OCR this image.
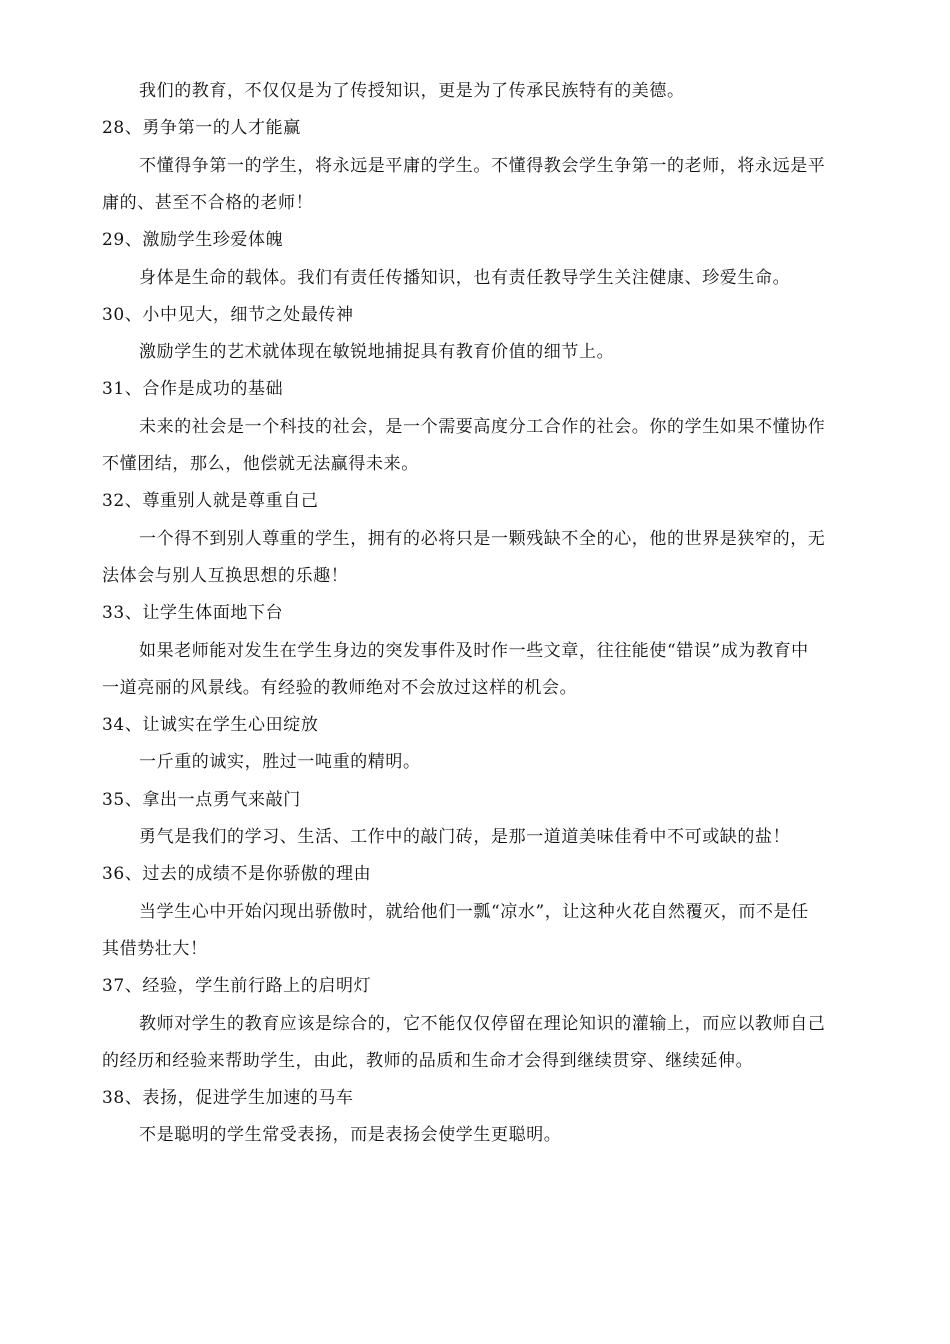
我们的教育，不仅仅是为了传授知识，更是为了传承民族特有的美德。
28、勇争第一的人才能赢
不懂得争第一的学生，将永远是平庸的学生。不懂得教会学生争第一的老师，将永远是平
庸的、甚至不合格的老师！
29、激励学生珍爱体魄
身体是生命的载体。我们有责任传播知识，也有责任教导学生关注健康、珍爱生命。
30、小中见大，细节之处最传神
激励学生的艺术就体现在敏锐地捕捉具有教育价值的细节上。
31、合作是成功的基础
未来的社会是一个科技的社会，是一个需要高度分工合作的社会。你的学生如果不懂协作
不懂团结，那么，他偿就无法赢得未来。
32、尊重别人就是尊重自己
一个得不到别人尊重的学生，拥有的必将只是一颗残缺不全的心，他的世界是狭窄的，无
法体会与别人互换思想的乐趣！
33、让学生体面地下台
如果老师能对发生在学生身边的突发事件及时作一些文章，往往能使“错误”成为教育中
一道亮丽的风景线。有经验的教师绝对不会放过这样的机会。
34、让诚实在学生心田绽放
一斤重的诚实，胜过一吨重的精明。
35、拿出一点勇气来敲门
勇气是我们的学习、生活、工作中的敲门砖，是那一道道美味佳肴中不可或缺的盐！
36、过去的成绩不是你骄傲的理由
当学生心中开始闪现出骄傲时，就给他们一瓢“凉水”，让这种火花自然覆灭，而不是任
其借势壮大！
37、经验，学生前行路上的启明灯
教师对学生的教育应该是综合的，它不能仅仅停留在理论知识的灌输上，而应以教师自己
的经历和经验来帮助学生，由此，教师的品质和生命才会得到继续贯穿、继续延伸。
38、表扬，促进学生加速的马车
不是聪明的学生常受表扬，而是表扬会使学生更聪明。
